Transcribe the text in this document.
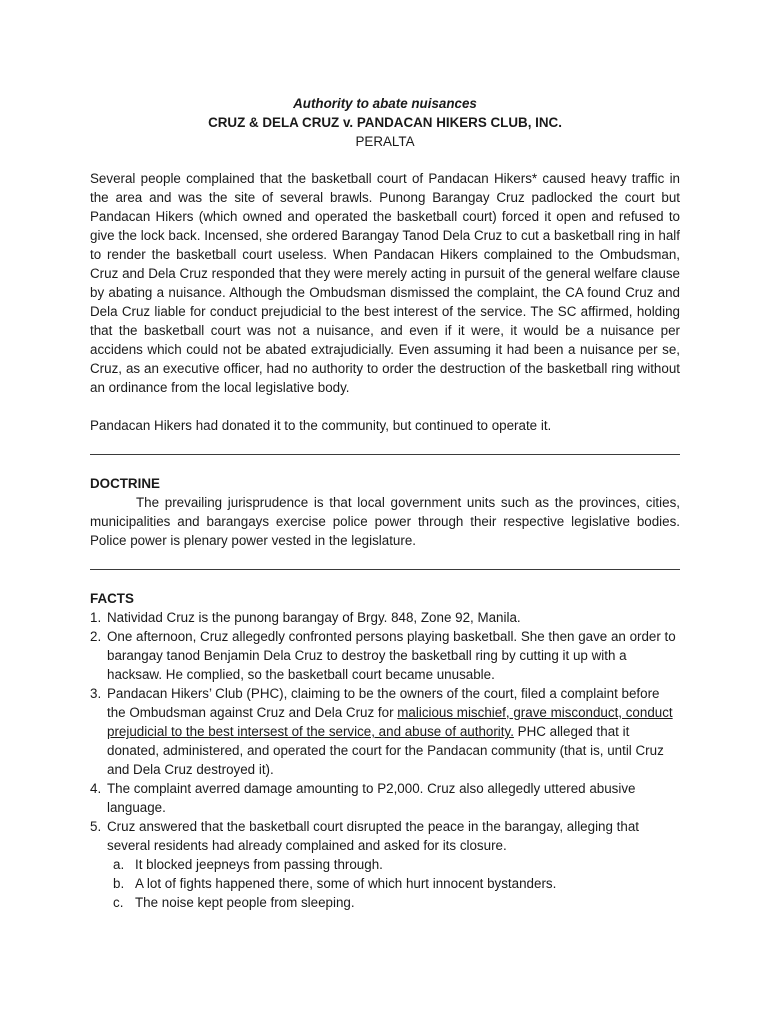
Authority to abate nuisances
CRUZ & DELA CRUZ v. PANDACAN HIKERS CLUB, INC.
PERALTA

Several people complained that the basketball court of Pandacan Hikers* caused heavy traffic in the area and was the site of several brawls. Punong Barangay Cruz padlocked the court but Pandacan Hikers (which owned and operated the basketball court) forced it open and refused to give the lock back. Incensed, she ordered Barangay Tanod Dela Cruz to cut a basketball ring in half to render the basketball court useless. When Pandacan Hikers complained to the Ombudsman, Cruz and Dela Cruz responded that they were merely acting in pursuit of the general welfare clause by abating a nuisance. Although the Ombudsman dismissed the complaint, the CA found Cruz and Dela Cruz liable for conduct prejudicial to the best interest of the service. The SC affirmed, holding that the basketball court was not a nuisance, and even if it were, it would be a nuisance per accidens which could not be abated extrajudicially. Even assuming it had been a nuisance per se, Cruz, as an executive officer, had no authority to order the destruction of the basketball ring without an ordinance from the local legislative body.

Pandacan Hikers had donated it to the community, but continued to operate it.

DOCTRINE

The prevailing jurisprudence is that local government units such as the provinces, cities, municipalities and barangays exercise police power through their respective legislative bodies. Police power is plenary power vested in the legislature.

FACTS
1. Natividad Cruz is the punong barangay of Brgy. 848, Zone 92, Manila.
2. One afternoon, Cruz allegedly confronted persons playing basketball. She then gave an order to barangay tanod Benjamin Dela Cruz to destroy the basketball ring by cutting it up with a hacksaw. He complied, so the basketball court became unusable.
3. Pandacan Hikers’ Club (PHC), claiming to be the owners of the court, filed a complaint before the Ombudsman against Cruz and Dela Cruz for malicious mischief, grave misconduct, conduct prejudicial to the best intersest of the service, and abuse of authority. PHC alleged that it donated, administered, and operated the court for the Pandacan community (that is, until Cruz and Dela Cruz destroyed it).
4. The complaint averred damage amounting to P2,000. Cruz also allegedly uttered abusive language.
5. Cruz answered that the basketball court disrupted the peace in the barangay, alleging that several residents had already complained and asked for its closure.
a. It blocked jeepneys from passing through.
b. A lot of fights happened there, some of which hurt innocent bystanders.
c. The noise kept people from sleeping.
